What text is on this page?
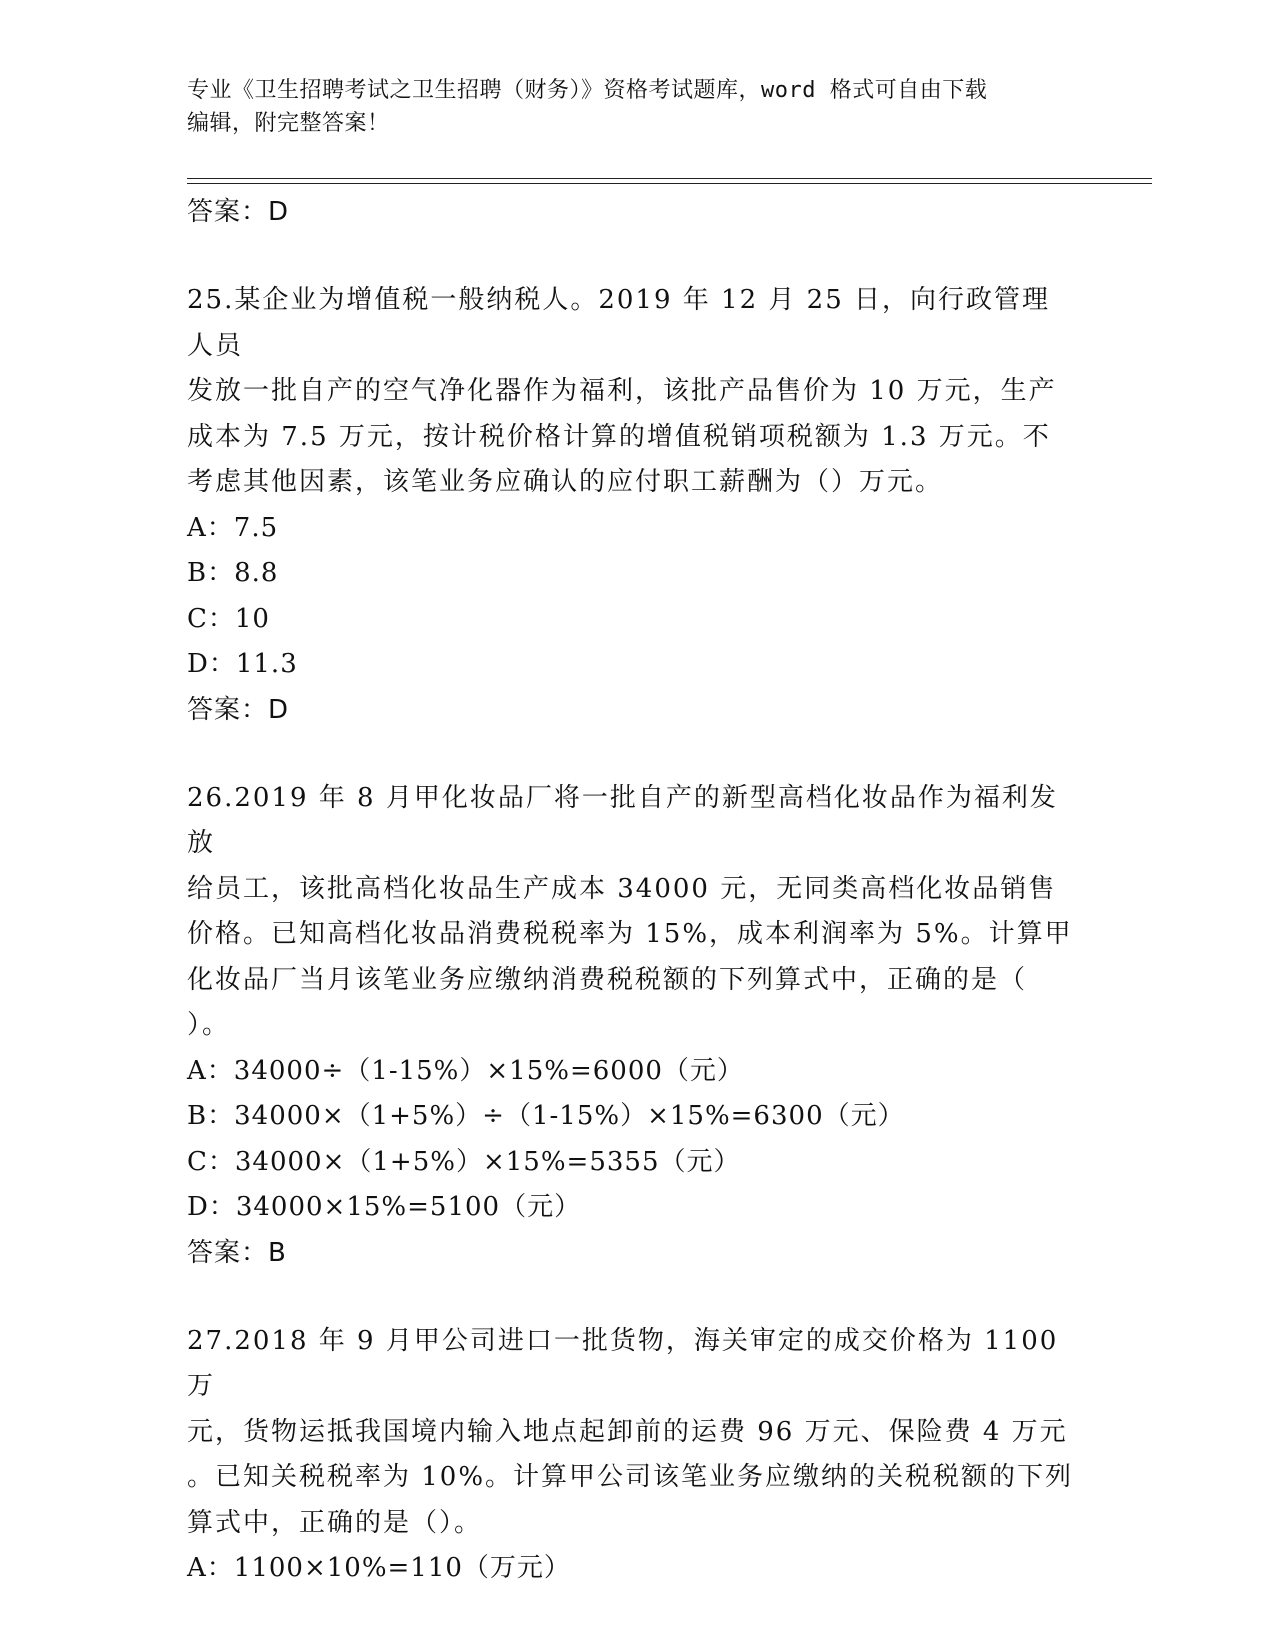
专业《卫生招聘考试之卫生招聘（财务）》资格考试题库，word 格式可自由下载
编辑，附完整答案！
答案：D
25.某企业为增值税一般纳税人。2019 年 12 月 25 日，向行政管理人员
发放一批自产的空气净化器作为福利，该批产品售价为 10 万元，生产
成本为 7.5 万元，按计税价格计算的增值税销项税额为 1.3 万元。不
考虑其他因素，该笔业务应确认的应付职工薪酬为（）万元。
A：7.5
B：8.8
C：10
D：11.3
答案：D
26.2019 年 8 月甲化妆品厂将一批自产的新型高档化妆品作为福利发放
给员工，该批高档化妆品生产成本 34000 元，无同类高档化妆品销售
价格。已知高档化妆品消费税税率为 15%，成本利润率为 5%。计算甲
化妆品厂当月该笔业务应缴纳消费税税额的下列算式中，正确的是（
）。
A：34000÷（1-15%）×15%=6000（元）
B：34000×（1+5%）÷（1-15%）×15%=6300（元）
C：34000×（1+5%）×15%=5355（元）
D：34000×15%=5100（元）
答案：B
27.2018 年 9 月甲公司进口一批货物，海关审定的成交价格为 1100 万
元，货物运抵我国境内输入地点起卸前的运费 96 万元、保险费 4 万元
。已知关税税率为 10%。计算甲公司该笔业务应缴纳的关税税额的下列
算式中，正确的是（）。
A：1100×10%=110（万元）
